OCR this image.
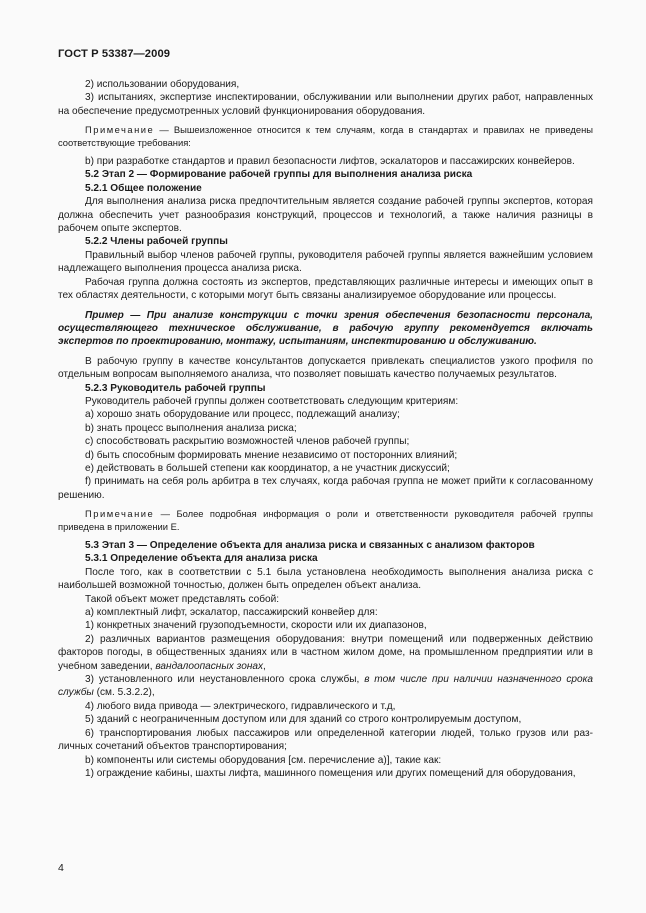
ГОСТ Р 53387—2009

2) использовании оборудования,

3) испытаниях, экспертизе инспектировании, обслуживании или выполнении других работ, направленных на обеспечение предусмотренных условий функционирования оборудования.

Примечание — Вышеизложенное относится к тем случаям, когда в стандартах и правилах не приведены соответствующие требования:

b) при разработке стандартов и правил безопасности лифтов, эскалаторов и пассажирских конвейеров.

5.2 Этап 2 — Формирование рабочей группы для выполнения анализа риска

5.2.1 Общее положение

Для выполнения анализа риска предпочтительным является создание рабочей группы экспертов, которая должна обеспечить учет разнообразия конструкций, процессов и технологий, а также наличия разницы в рабочем опыте экспертов.

5.2.2 Члены рабочей группы

Правильный выбор членов рабочей группы, руководителя рабочей группы является важнейшим условием надлежащего выполнения процесса анализа риска.

Рабочая группа должна состоять из экспертов, представляющих различные интересы и имеющих опыт в тех областях деятельности, с которыми могут быть связаны анализируемое оборудование или процессы.

Пример — При анализе конструкции с точки зрения обеспечения безопасности персонала, осуществляющего техническое обслуживание, в рабочую группу рекомендуется включать экспертов по проектированию, монтажу, испытаниям, инспектированию и обслуживанию.

В рабочую группу в качестве консультантов допускается привлекать специалистов узкого профиля по отдельным вопросам выполняемого анализа, что позволяет повышать качество получаемых результатов.

5.2.3 Руководитель рабочей группы

Руководитель рабочей группы должен соответствовать следующим критериям:

a) хорошо знать оборудование или процесс, подлежащий анализу;

b) знать процесс выполнения анализа риска;

c) способствовать раскрытию возможностей членов рабочей группы;

d) быть способным формировать мнение независимо от посторонних влияний;

e) действовать в большей степени как координатор, а не участник дискуссий;

f) принимать на себя роль арбитра в тех случаях, когда рабочая группа не может прийти к согласованному решению.

Примечание — Более подробная информация о роли и ответственности руководителя рабочей группы приведена в приложении Е.

5.3 Этап 3 — Определение объекта для анализа риска и связанных с анализом факторов

5.3.1 Определение объекта для анализа риска

После того, как в соответствии с 5.1 была установлена необходимость выполнения анализа риска с наибольшей возможной точностью, должен быть определен объект анализа.

Такой объект может представлять собой:

a) комплектный лифт, эскалатор, пассажирский конвейер для:

1) конкретных значений грузоподъемности, скорости или их диапазонов,

2) различных вариантов размещения оборудования: внутри помещений или подверженных действию факторов погоды, в общественных зданиях или в частном жилом доме, на промышленном предприятии или в учебном заведении, вандалоопасных зонах,

3) установленного или неустановленного срока службы, в том числе при наличии назначенного срока службы (см. 5.3.2.2),

4) любого вида привода — электрического, гидравлического и т.д,

5) зданий с неограниченным доступом или для зданий со строго контролируемым доступом,

6) транспортирования любых пассажиров или определенной категории людей, только грузов или различных сочетаний объектов транспортирования;

b) компоненты или системы оборудования [см. перечисление a)], такие как:

1) ограждение кабины, шахты лифта, машинного помещения или других помещений для оборудования,

4
